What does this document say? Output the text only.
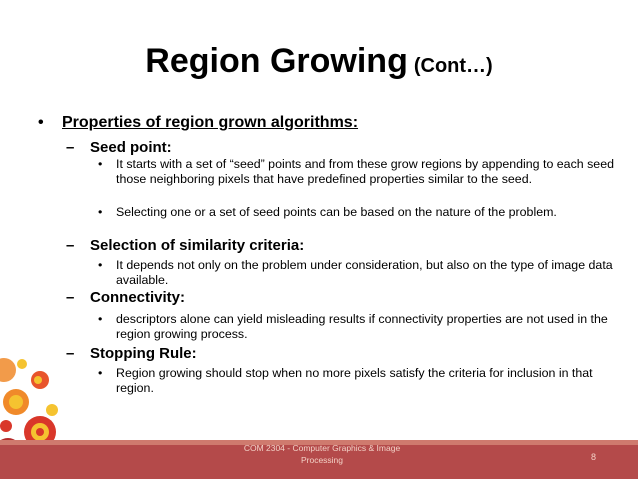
Region Growing (Cont…)
• Properties of region grown algorithms:
– Seed point:
• It starts with a set of “seed” points and from these grow regions by appending to each seed those neighboring pixels that have predefined properties similar to the seed.
• Selecting one or a set of seed points can be based on the nature of the problem.
– Selection of similarity criteria:
• It depends not only on the problem under consideration, but also on the type of image data available.
– Connectivity:
• descriptors alone can yield misleading results if connectivity properties are not used in the region growing process.
– Stopping Rule:
• Region growing should stop when no more pixels satisfy the criteria for inclusion in that region.
COM 2304 - Computer Graphics & Image
Processing	8
